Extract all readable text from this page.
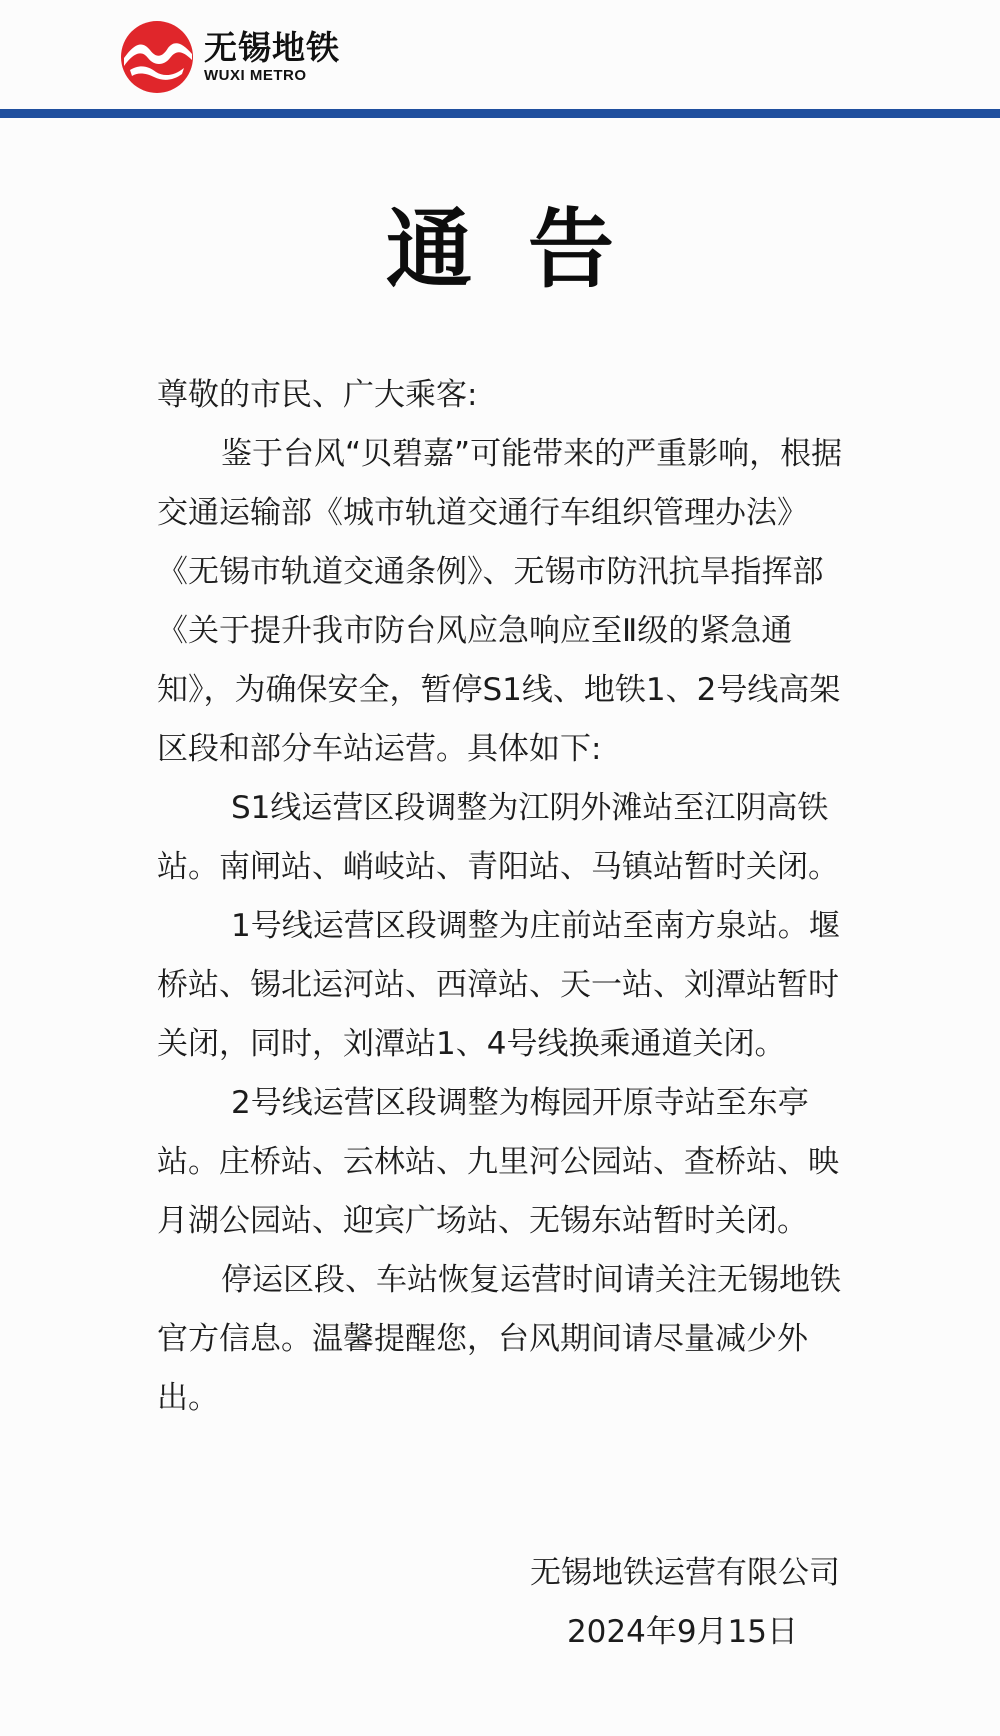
无锡地铁
WUXI METRO
通告

尊敬的市民、广大乘客:

鉴于台风“贝碧嘉”可能带来的严重影响，根据交通运输部《城市轨道交通行车组织管理办法》《无锡市轨道交通条例》、无锡市防汛抗旱指挥部《关于提升我市防台风应急响应至Ⅱ级的紧急通知》，为确保安全，暂停S1线、地铁1、2号线高架区段和部分车站运营。具体如下:

S1线运营区段调整为江阴外滩站至江阴高铁站。南闸站、峭岐站、青阳站、马镇站暂时关闭。

1号线运营区段调整为庄前站至南方泉站。堰桥站、锡北运河站、西漳站、天一站、刘潭站暂时关闭，同时，刘潭站1、4号线换乘通道关闭。

2号线运营区段调整为梅园开原寺站至东亭站。庄桥站、云林站、九里河公园站、查桥站、映月湖公园站、迎宾广场站、无锡东站暂时关闭。

停运区段、车站恢复运营时间请关注无锡地铁官方信息。温馨提醒您，台风期间请尽量减少外出。

无锡地铁运营有限公司
2024年9月15日
